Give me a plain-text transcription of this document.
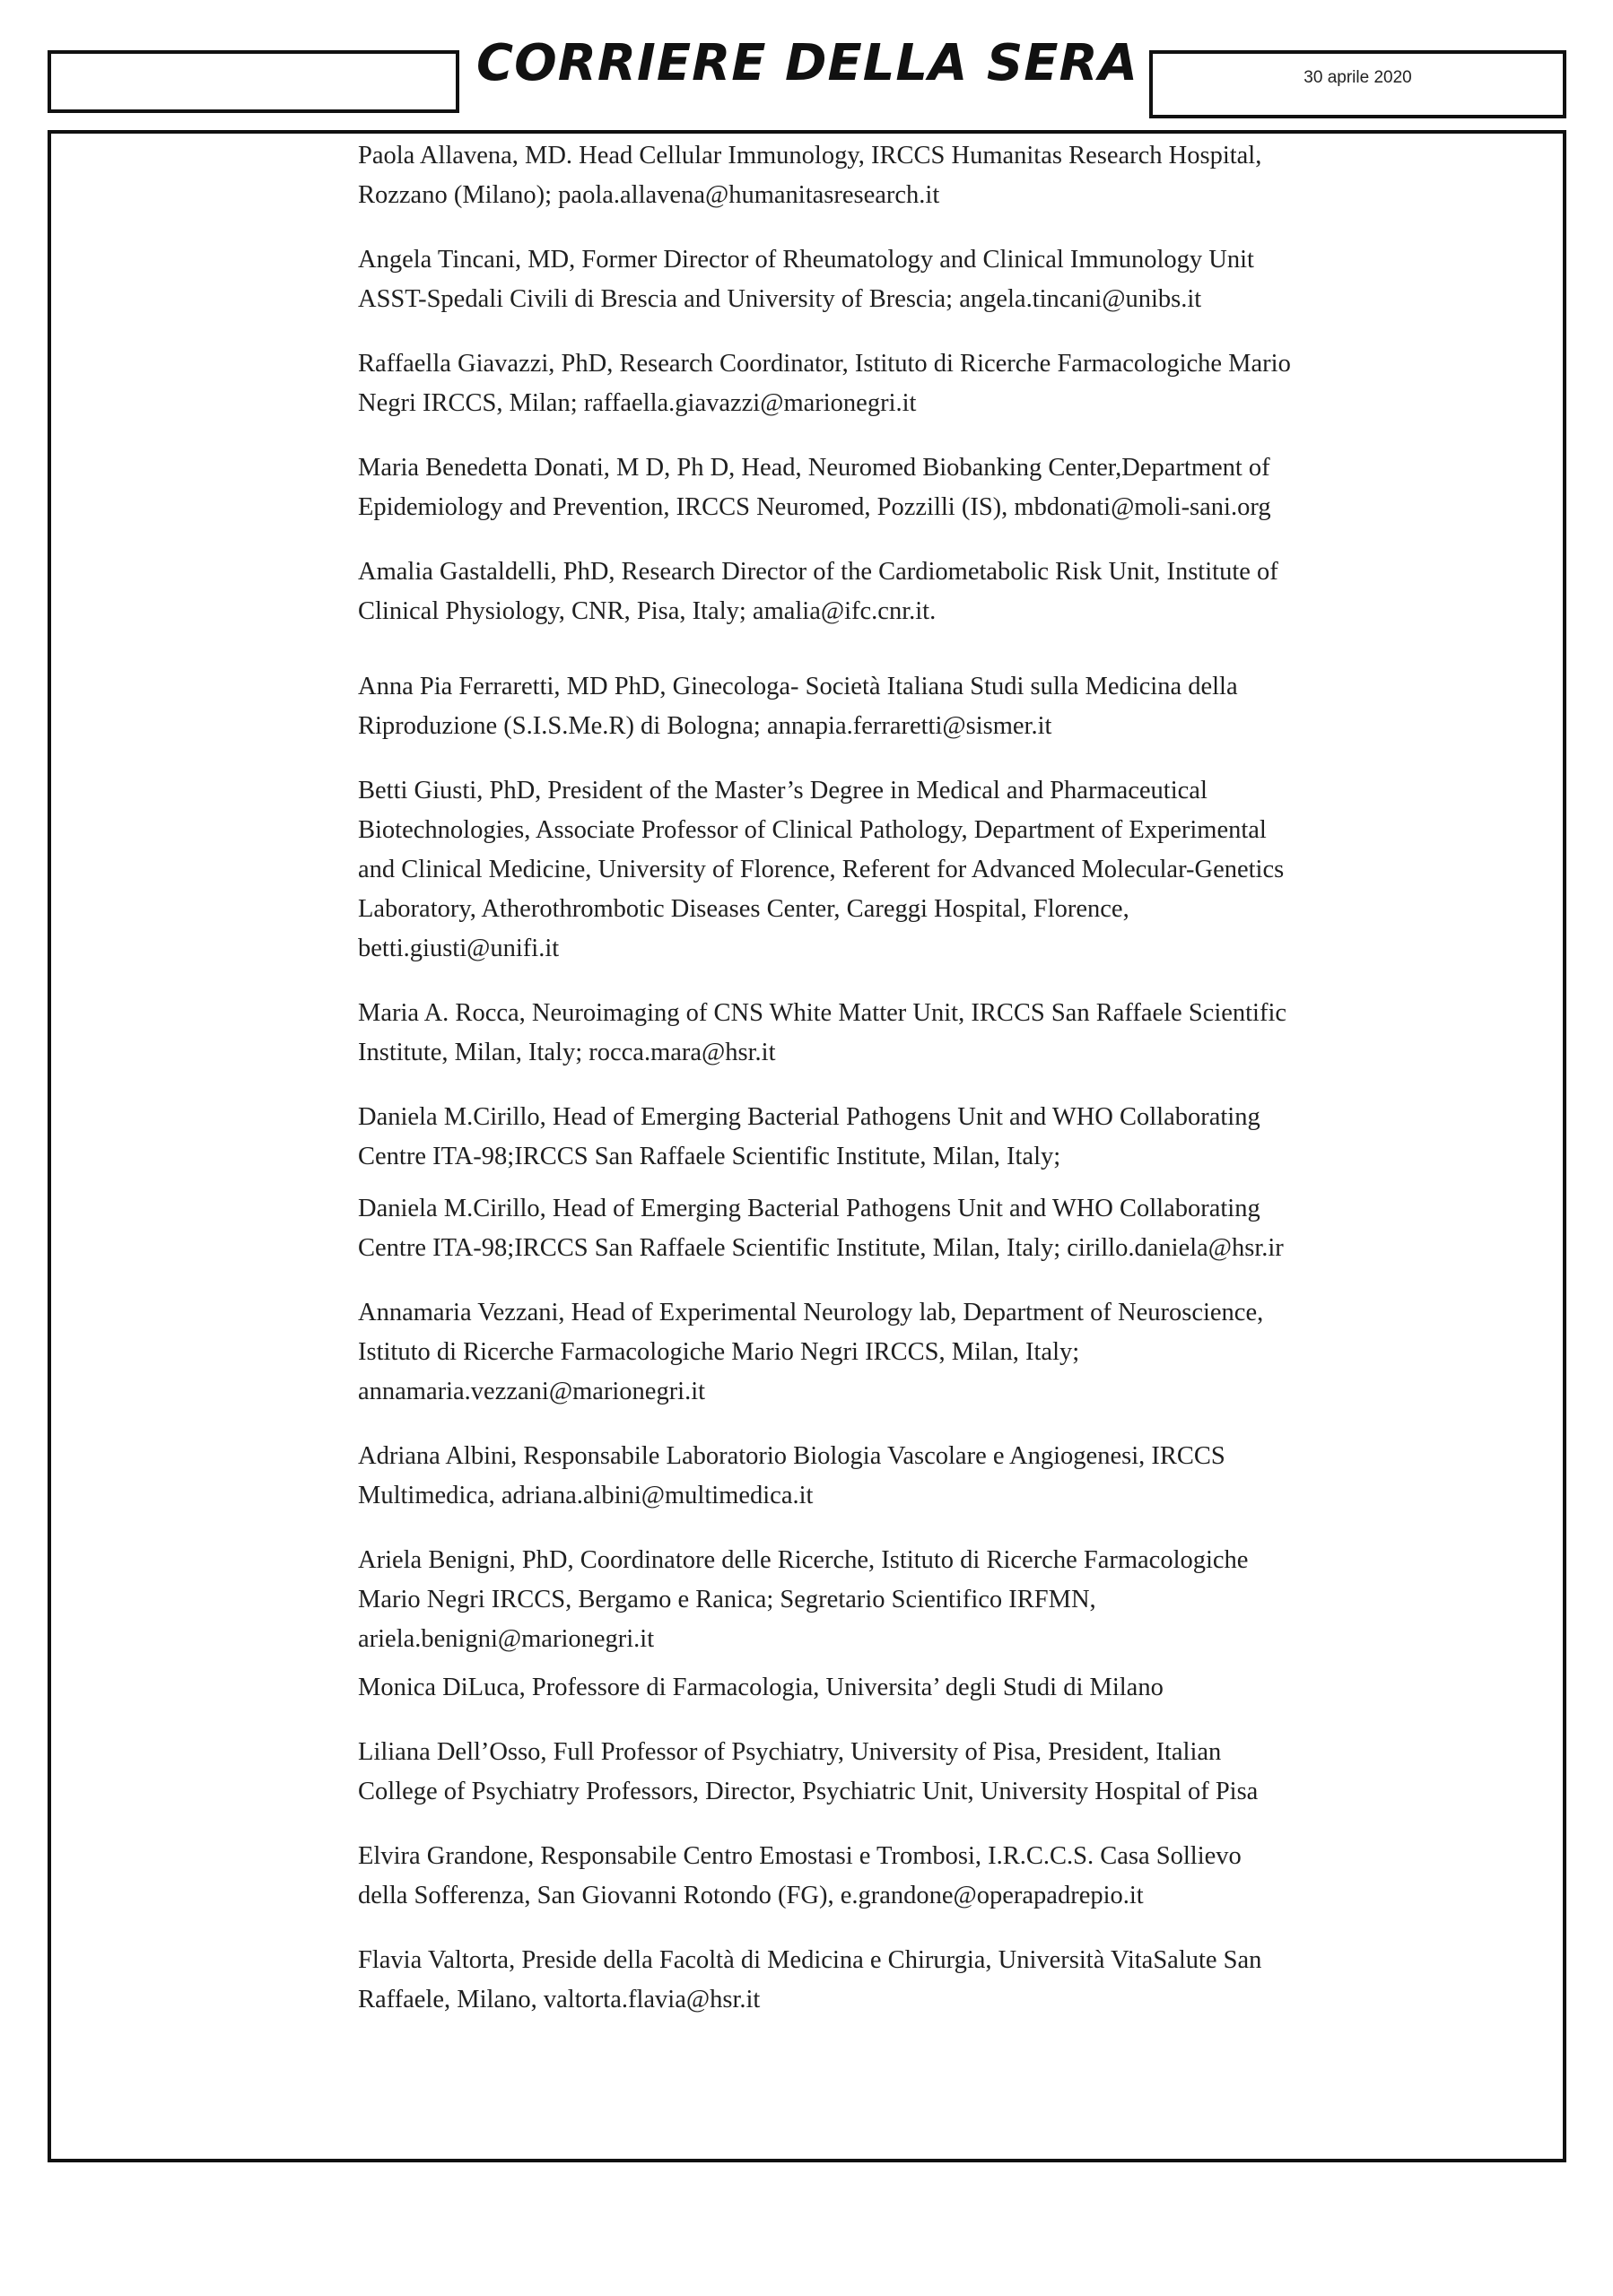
CORRIERE DELLA SERA	30 aprile 2020
Paola Allavena, MD. Head Cellular Immunology, IRCCS Humanitas Research Hospital, Rozzano (Milano); paola.allavena@humanitasresearch.it
Angela Tincani, MD, Former Director of Rheumatology and Clinical Immunology Unit ASST-Spedali Civili di Brescia and University of Brescia; angela.tincani@unibs.it
Raffaella Giavazzi, PhD, Research Coordinator, Istituto di Ricerche Farmacologiche Mario Negri IRCCS, Milan; raffaella.giavazzi@marionegri.it
Maria Benedetta Donati, M D, Ph D, Head, Neuromed Biobanking Center,Department of Epidemiology and Prevention, IRCCS Neuromed, Pozzilli (IS), mbdonati@moli-sani.org
Amalia Gastaldelli, PhD, Research Director of the Cardiometabolic Risk Unit, Institute of Clinical Physiology, CNR, Pisa, Italy; amalia@ifc.cnr.it.
Anna Pia Ferraretti, MD PhD, Ginecologa- Società Italiana Studi sulla Medicina della Riproduzione (S.I.S.Me.R) di Bologna; annapia.ferraretti@sismer.it
Betti Giusti, PhD, President of the Master’s Degree in Medical and Pharmaceutical Biotechnologies, Associate Professor of Clinical Pathology, Department of Experimental and Clinical Medicine, University of Florence, Referent for Advanced Molecular-Genetics Laboratory, Atherothrombotic Diseases Center, Careggi Hospital, Florence, betti.giusti@unifi.it
Maria A. Rocca, Neuroimaging of CNS White Matter Unit, IRCCS San Raffaele Scientific Institute, Milan, Italy; rocca.mara@hsr.it
Daniela M.Cirillo, Head of Emerging Bacterial Pathogens Unit and WHO Collaborating Centre ITA-98;IRCCS San Raffaele Scientific Institute, Milan, Italy;
Daniela M.Cirillo, Head of Emerging Bacterial Pathogens Unit and WHO Collaborating Centre ITA-98;IRCCS San Raffaele Scientific Institute, Milan, Italy; cirillo.daniela@hsr.ir
Annamaria Vezzani, Head of Experimental Neurology lab, Department of Neuroscience, Istituto di Ricerche Farmacologiche Mario Negri IRCCS, Milan, Italy; annamaria.vezzani@marionegri.it
Adriana Albini, Responsabile Laboratorio Biologia Vascolare e Angiogenesi, IRCCS Multimedica, adriana.albini@multimedica.it
Ariela Benigni, PhD, Coordinatore delle Ricerche, Istituto di Ricerche Farmacologiche Mario Negri IRCCS, Bergamo e Ranica; Segretario Scientifico IRFMN, ariela.benigni@marionegri.it
Monica DiLuca, Professore di Farmacologia, Universita’ degli Studi di Milano
Liliana Dell’Osso, Full Professor of Psychiatry, University of Pisa, President, Italian College of Psychiatry Professors, Director, Psychiatric Unit, University Hospital of Pisa
Elvira Grandone, Responsabile Centro Emostasi e Trombosi, I.R.C.C.S. Casa Sollievo della Sofferenza, San Giovanni Rotondo (FG), e.grandone@operapadrepio.it
Flavia Valtorta, Preside della Facoltà di Medicina e Chirurgia, Università VitaSalute San Raffaele, Milano, valtorta.flavia@hsr.it
